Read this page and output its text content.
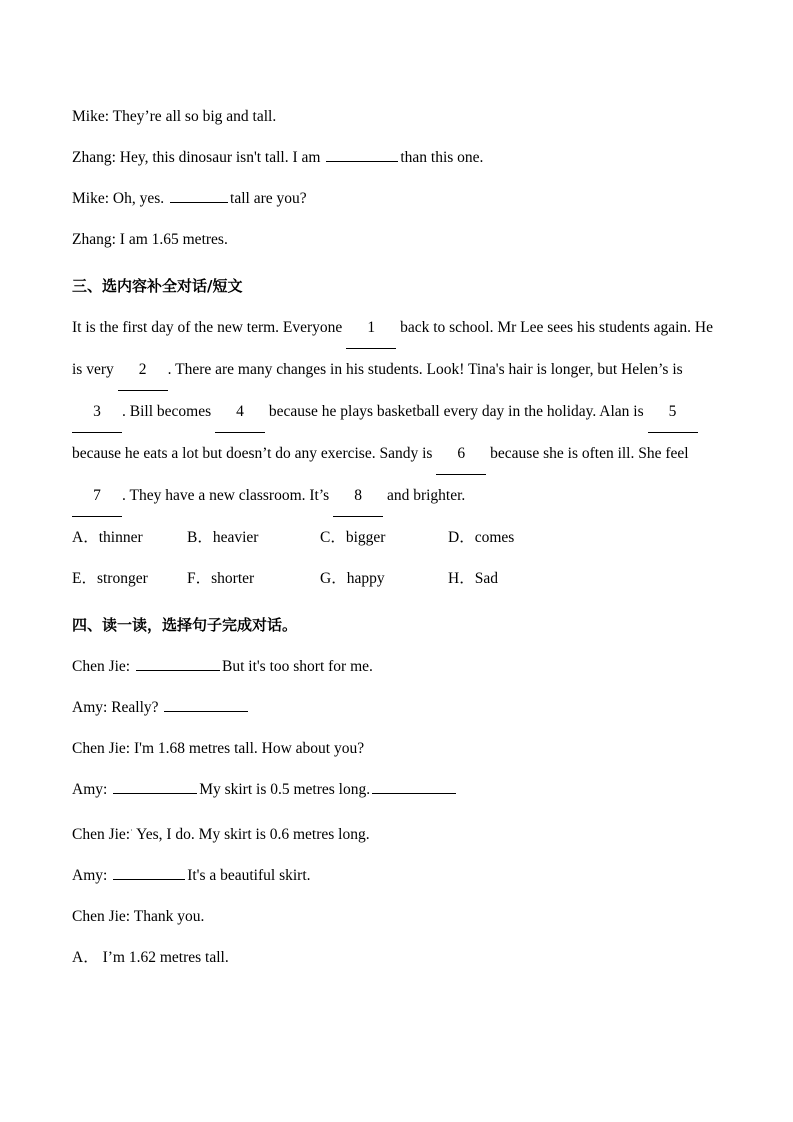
Mike: They’re all so big and tall.
Zhang: Hey, this dinosaur isn't tall. I am	than this one.
Mike: Oh, yes.	tall are you?
Zhang: I am 1.65 metres.
三、选内容补全对话/短文
It is the first day of the new term. Everyone 1 back to school. Mr Lee sees his students again. He is very 2 . There are many changes in his students. Look! Tina's hair is longer, but Helen’s is 3 . Bill becomes 4 because he plays basketball every day in the holiday. Alan is 5 because he eats a lot but doesn’t do any exercise. Sandy is 6 because she is often ill. She feel 7 . They have a new classroom. It’s 8 and brighter.
A．thinner	B．heavier	C．bigger	D．comes
E．stronger	F．shorter	G．happy	H．Sad
四、读一读，选择句子完成对话。
Chen Jie:	But it's too short for me.
Amy: Really?
Chen Jie: I'm 1.68 metres tall. How about you?
Amy:	My skirt is 0.5 metres long.
Chen Jie:· Yes, I do. My skirt is 0.6 metres long.
Amy:	It's a beautiful skirt.
Chen Jie: Thank you.
A． I’m 1.62 metres tall.
